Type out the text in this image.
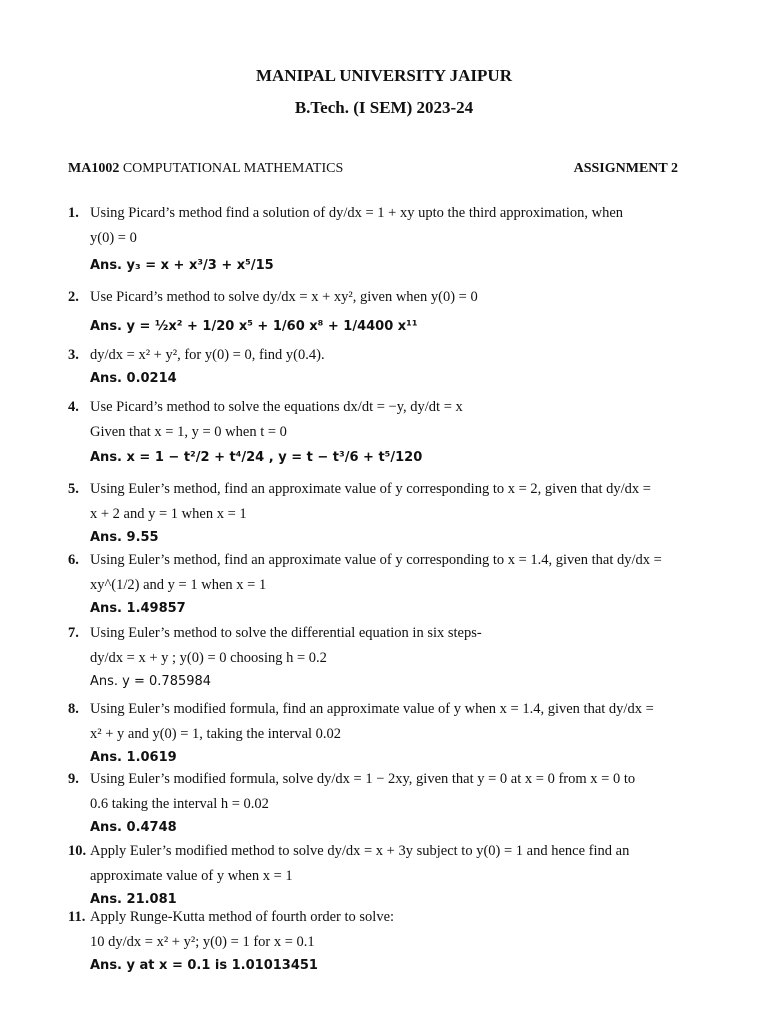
MANIPAL UNIVERSITY JAIPUR
B.Tech. (I SEM) 2023-24
MA1002 COMPUTATIONAL MATHEMATICS	ASSIGNMENT 2
1. Using Picard’s method find a solution of dy/dx = 1 + xy upto the third approximation, when
y(0) = 0
Ans. y₃ = x + x³/3 + x⁵/15
2. Use Picard’s method to solve dy/dx = x + xy², given when y(0) = 0
Ans. y = ½x² + 1/20 x⁵ + 1/60 x⁸ + 1/4400 x¹¹
3. dy/dx = x² + y², for y(0) = 0, find y(0.4).
Ans. 0.0214
4. Use Picard’s method to solve the equations dx/dt = −y, dy/dt = x
Given that x = 1, y = 0 when t = 0
Ans. x = 1 − t²/2 + t⁴/24 , y = t − t³/6 + t⁵/120
5. Using Euler’s method, find an approximate value of y corresponding to x = 2, given that dy/dx =
x + 2 and y = 1 when x = 1
Ans. 9.55
6. Using Euler’s method, find an approximate value of y corresponding to x = 1.4, given that dy/dx =
xy^(1/2) and y = 1 when x = 1
Ans. 1.49857
7. Using Euler’s method to solve the differential equation in six steps-
dy/dx = x + y ; y(0) = 0 choosing h = 0.2
Ans. y = 0.785984
8. Using Euler’s modified formula, find an approximate value of y when x = 1.4, given that dy/dx =
x² + y and y(0) = 1, taking the interval 0.02
Ans. 1.0619
9. Using Euler’s modified formula, solve dy/dx = 1 − 2xy, given that y = 0 at x = 0 from x = 0 to
0.6 taking the interval h = 0.02
Ans. 0.4748
10. Apply Euler’s modified method to solve dy/dx = x + 3y subject to y(0) = 1 and hence find an
approximate value of y when x = 1
Ans. 21.081
11. Apply Runge-Kutta method of fourth order to solve:
10 dy/dx = x² + y²; y(0) = 1 for x = 0.1
Ans. y at x = 0.1 is 1.01013451
